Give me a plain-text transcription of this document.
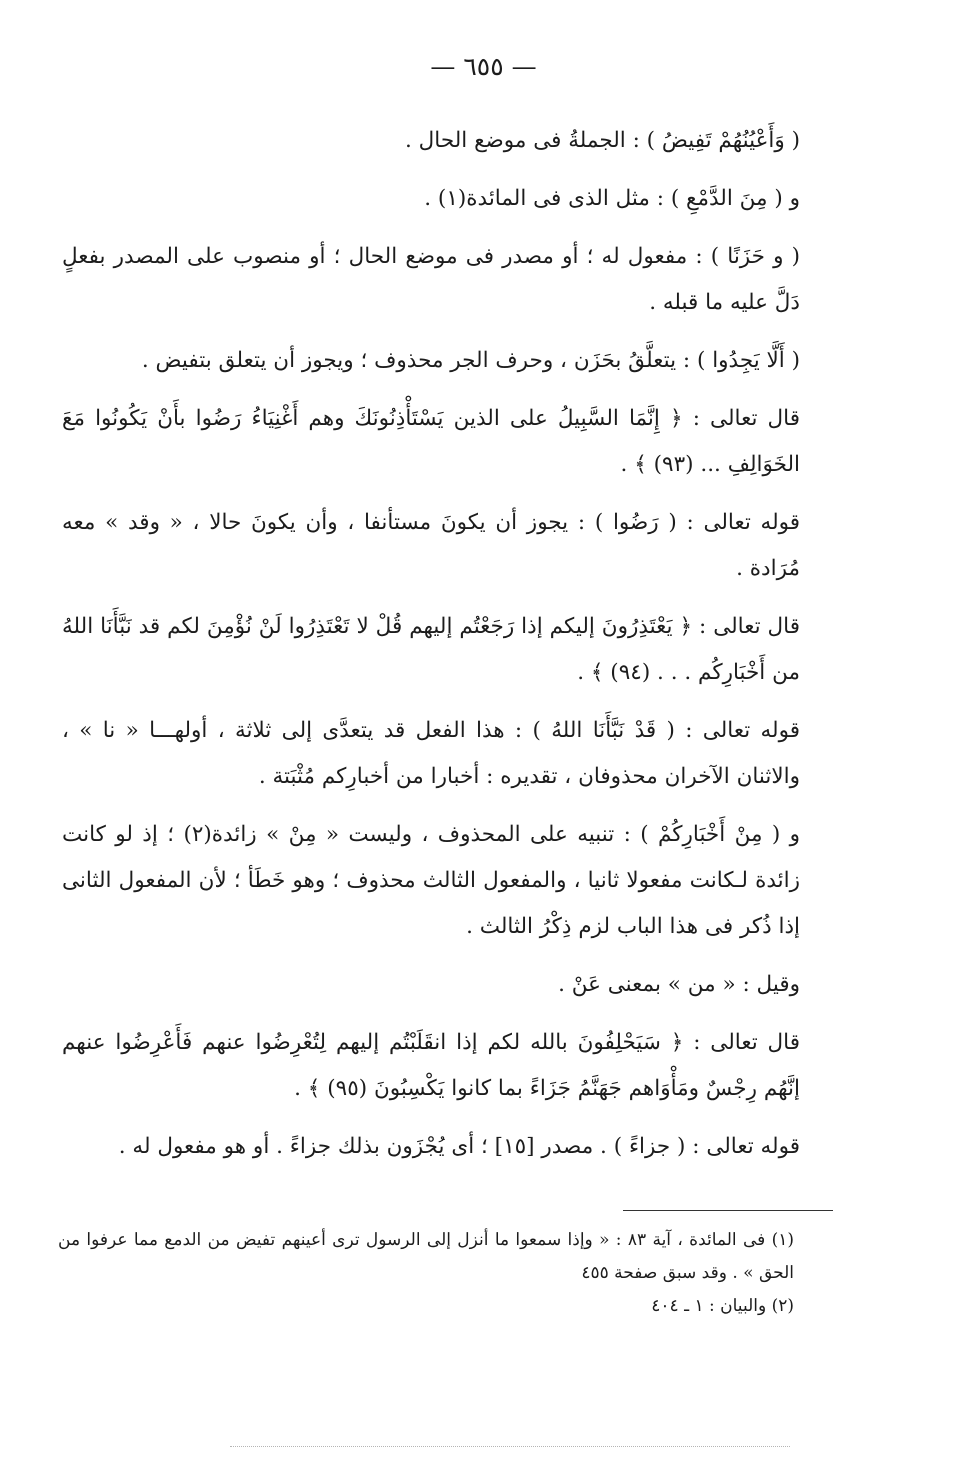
— ٦٥٥ —

( وَأَعْيُنُهُمْ تَفِيضُ ) : الجملةُ فى موضع الحال .

و ( مِنَ الدَّمْعِ ) : مثل الذى فى المائدة(١) .

( و حَزَنًا ) : مفعول له ؛ أو مصدر فى موضع الحال ؛ أو منصوب على المصدر بفعلٍ دَلَّ عليه ما قبله .

( أَلَّا يَجِدُوا ) : يتعلَّقُ بحَزَن ، وحرف الجر محذوف ؛ ويجوز أن يتعلق بتفيض .

قال تعالى : ﴿ إِنَّمَا السَّبِيلُ على الذين يَسْتَأْذِنُونَكَ وهم أَغْنِيَاءُ رَضُوا بأَنْ يَكُونُوا مَعَ الخَوَالِفِ ... (٩٣) ﴾ .

قوله تعالى : ( رَضُوا ) : يجوز أن يكونَ مستأنفا ، وأن يكونَ حالا ، « وقد » معه مُرَادة .

قال تعالى : ﴿ يَعْتَذِرُونَ إليكم إذا رَجَعْتُم إليهم قُلْ لا تَعْتَذِرُوا لَنْ نُؤْمِنَ لكم قد نَبَّأَنَا اللهُ من أَخْبَارِكُم . . . (٩٤) ﴾ .

قوله تعالى : ( قَدْ نَبَّأَنَا اللهُ ) : هذا الفعل قد يتعدَّى إلى ثلاثة ، أولهـــا « نا » ، والاثنان الآخران محذوفان ، تقديره : أخبارا من أخبارِكم مُثْبَتة .

و ( مِنْ أَخْبَارِكُمْ ) : تنبيه على المحذوف ، وليست « مِنْ » زائدة(٢) ؛ إذ لو كانت زائدة لـكانت مفعولا ثانيا ، والمفعول الثالث محذوف ؛ وهو خَطَأ ؛ لأن المفعول الثانى إذا ذُكر فى هذا الباب لزم ذِكْرُ الثالث .

وقيل : « من » بمعنى عَنْ .

قال تعالى : ﴿ سَيَحْلِفُونَ بالله لكم إذا انقَلَبْتُم إليهم لِتُعْرِضُوا عنهم فَأَعْرِضُوا عنهم إنَّهُم رِجْسٌ ومَأْوَاهم جَهَنَّمُ جَزَاءً بما كانوا يَكْسِبُونَ (٩٥) ﴾ .

قوله تعالى : ( جزاءً ) . مصدر [١٥] ؛ أى يُجْزَون بذلك جزاءً . أو هو مفعول له .

(١) فى المائدة ، آية ٨٣ : « وإذا سمعوا ما أنزل إلى الرسول ترى أعينهم تفيض من الدمع مما عرفوا من الحق » . وقد سبق صفحة ٤٥٥

(٢) والبيان : ١ ـ ٤٠٤
